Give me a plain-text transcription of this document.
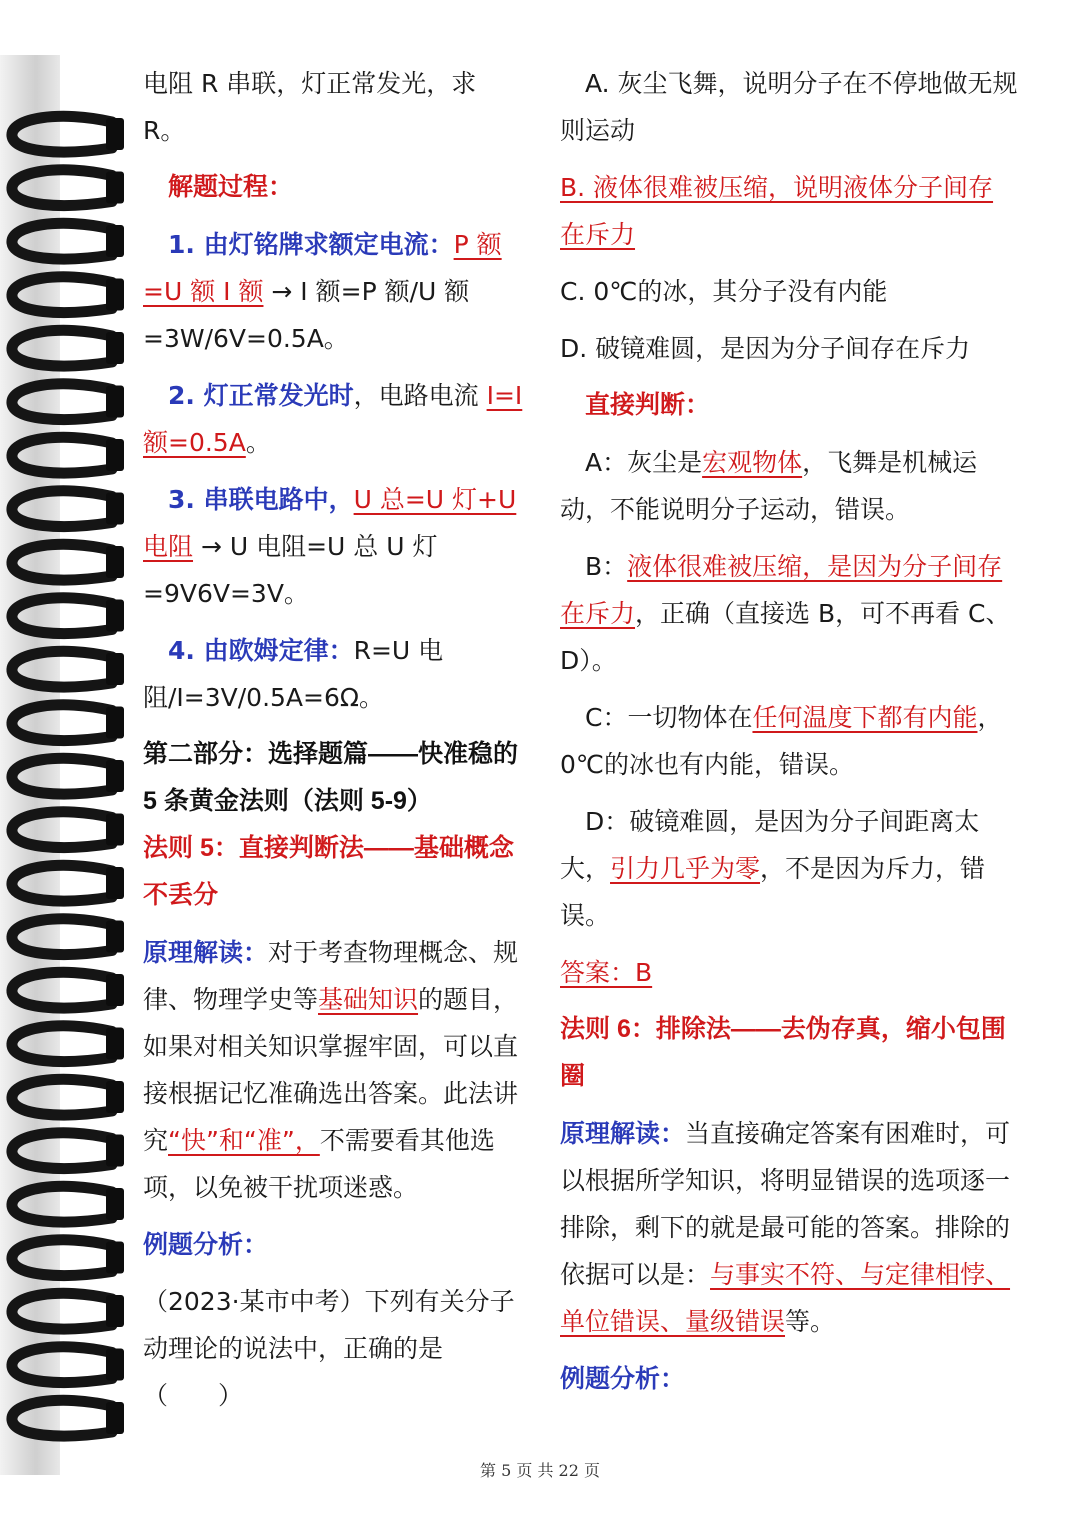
电阻 R 串联，灯正常发光，求 R。

解题过程：

1. 由灯铭牌求额定电流：P 额=U 额 I 额 → I 额=P 额/U 额=3W/6V=0.5A。

2. 灯正常发光时，电路电流 I=I 额=0.5A。

3. 串联电路中，U 总=U 灯+U 电阻 → U 电阻=U 总 U 灯=9V6V=3V。

4. 由欧姆定律：R=U 电阻/I=3V/0.5A=6Ω。

第二部分：选择题篇——快准稳的 5 条黄金法则（法则 5-9）

法则 5：直接判断法——基础概念不丢分

原理解读：对于考查物理概念、规律、物理学史等基础知识的题目，如果对相关知识掌握牢固，可以直接根据记忆准确选出答案。此法讲究“快”和“准”，不需要看其他选项，以免被干扰项迷惑。

例题分析：

（2023·某市中考）下列有关分子动理论的说法中，正确的是（　　）

A. 灰尘飞舞，说明分子在不停地做无规则运动

B. 液体很难被压缩，说明液体分子间存在斥力

C. 0℃的冰，其分子没有内能

D. 破镜难圆，是因为分子间存在斥力

直接判断：

A：灰尘是宏观物体，飞舞是机械运动，不能说明分子运动，错误。

B：液体很难被压缩，是因为分子间存在斥力，正确（直接选 B，可不再看 C、D）。

C：一切物体在任何温度下都有内能，0℃的冰也有内能，错误。

D：破镜难圆，是因为分子间距离太大，引力几乎为零，不是因为斥力，错误。

答案：B

法则 6：排除法——去伪存真，缩小包围圈

原理解读：当直接确定答案有困难时，可以根据所学知识，将明显错误的选项逐一排除，剩下的就是最可能的答案。排除的依据可以是：与事实不符、与定律相悖、单位错误、量级错误等。

例题分析：

第 5 页 共 22 页
